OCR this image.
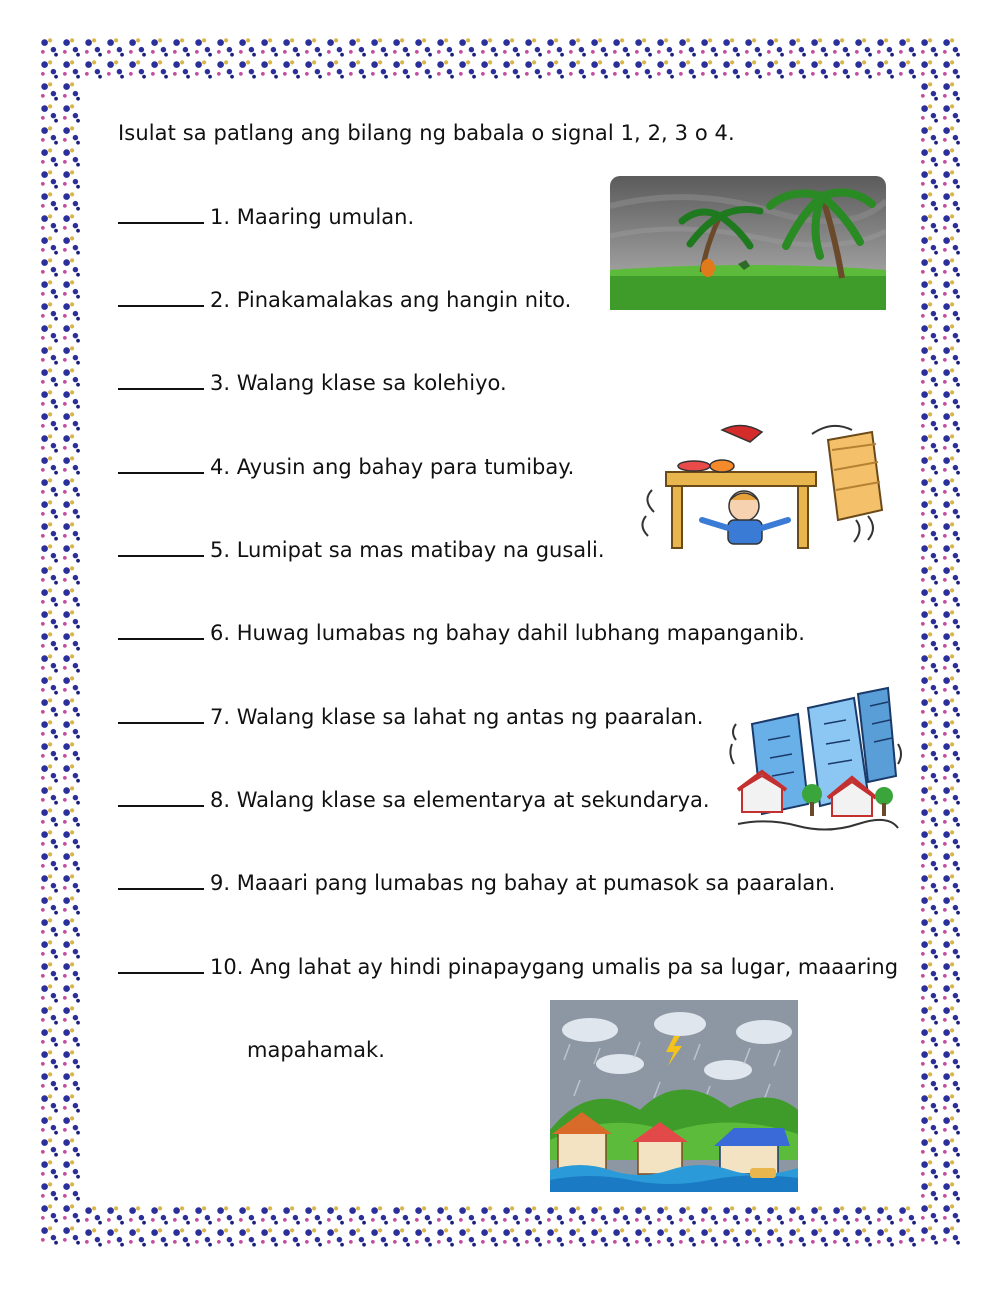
Isulat sa patlang ang bilang ng babala o signal 1, 2, 3 o 4.
1. Maaring umulan.
2. Pinakamalakas ang hangin nito.
3. Walang klase sa kolehiyo.
4. Ayusin ang bahay para tumibay.
5. Lumipat sa mas matibay na gusali.
6. Huwag lumabas ng bahay dahil lubhang mapanganib.
7. Walang klase sa lahat ng antas ng paaralan.
8. Walang klase sa elementarya at sekundarya.
9. Maaari pang lumabas ng bahay at pumasok sa paaralan.
10. Ang lahat ay hindi pinapaygang umalis pa sa lugar, maaaring
mapahamak.
